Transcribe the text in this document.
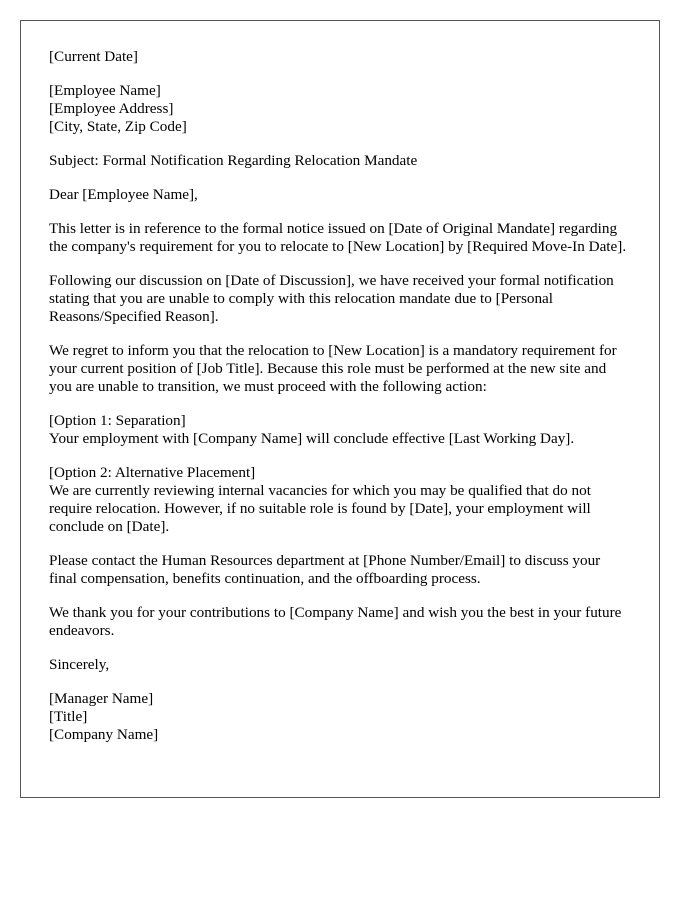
[Current Date]
[Employee Name]
[Employee Address]
[City, State, Zip Code]

Subject: Formal Notification Regarding Relocation Mandate

Dear [Employee Name],

This letter is in reference to the formal notice issued on [Date of Original Mandate] regarding the company's requirement for you to relocate to [New Location] by [Required Move-In Date].

Following our discussion on [Date of Discussion], we have received your formal notification stating that you are unable to comply with this relocation mandate due to [Personal Reasons/Specified Reason].

We regret to inform you that the relocation to [New Location] is a mandatory requirement for your current position of [Job Title]. Because this role must be performed at the new site and you are unable to transition, we must proceed with the following action:

[Option 1: Separation]
Your employment with [Company Name] will conclude effective [Last Working Day].
[Option 2: Alternative Placement]
We are currently reviewing internal vacancies for which you may be qualified that do not require relocation. However, if no suitable role is found by [Date], your employment will conclude on [Date].

Please contact the Human Resources department at [Phone Number/Email] to discuss your final compensation, benefits continuation, and the offboarding process.

We thank you for your contributions to [Company Name] and wish you the best in your future endeavors.

Sincerely,

[Manager Name]
[Title]
[Company Name]
